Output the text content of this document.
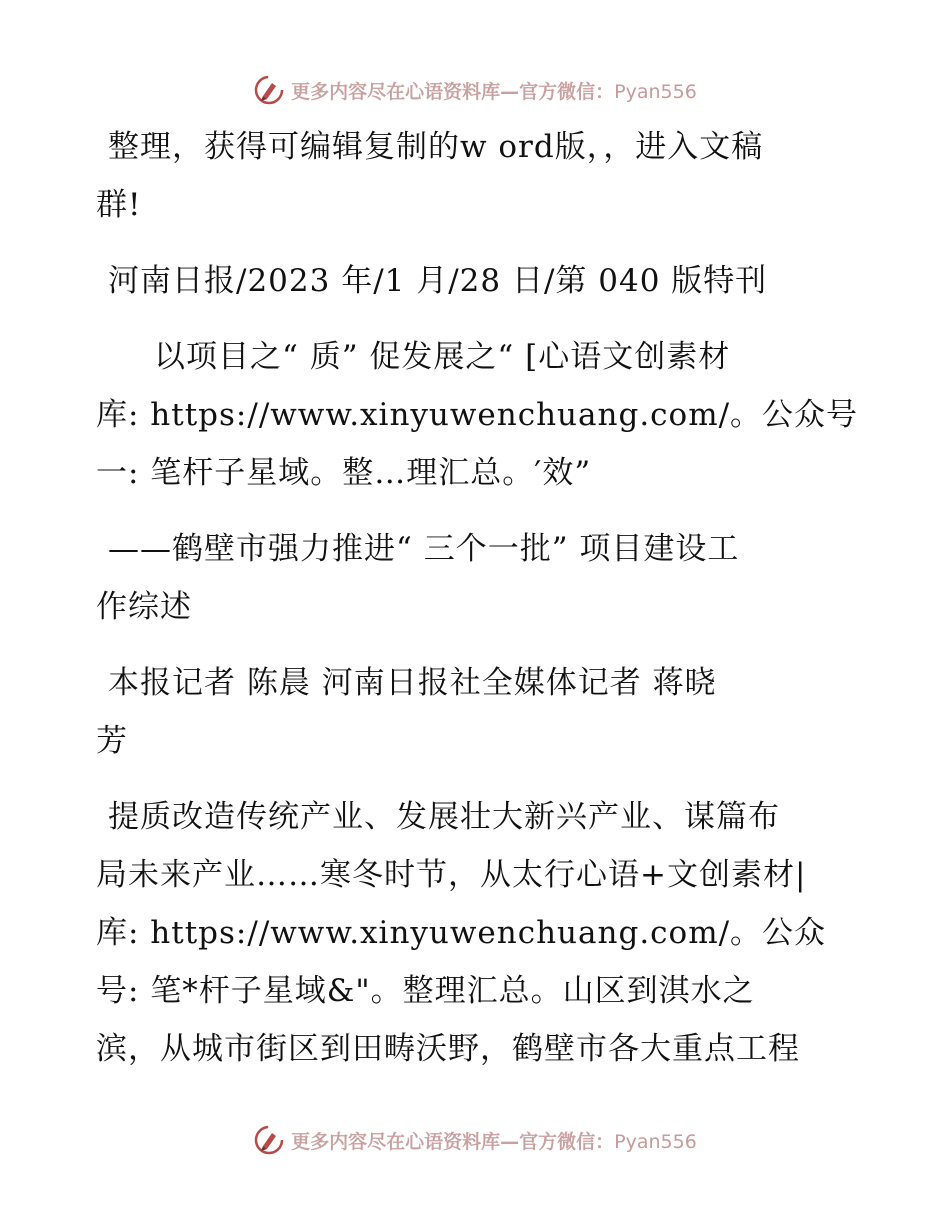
更多内容尽在心语资料库—官方微信：Pyan556
整理，获得可编辑复制的w ord版，，进入文稿
群!
河南日报/2023 年/1 月/28 日/第 040 版特刊
以项目之“ 质” 促发展之“ [心语文创素材
库: https://www.xinyuwenchuang.com/。公众号
一: 笔杆子星域。整…理汇总。′效”
——鹤壁市强力推进“ 三个一批” 项目建设工
作综述
本报记者 陈晨 河南日报社全媒体记者 蒋晓
芳
提质改造传统产业、发展壮大新兴产业、谋篇布
局未来产业……寒冬时节，从太行心语+文创素材|
库: https://www.xinyuwenchuang.com/。公众
号: 笔*杆子星域&"。整理汇总。山区到淇水之
滨，从城市街区到田畴沃野，鹤壁市各大重点工程
更多内容尽在心语资料库—官方微信：Pyan556
